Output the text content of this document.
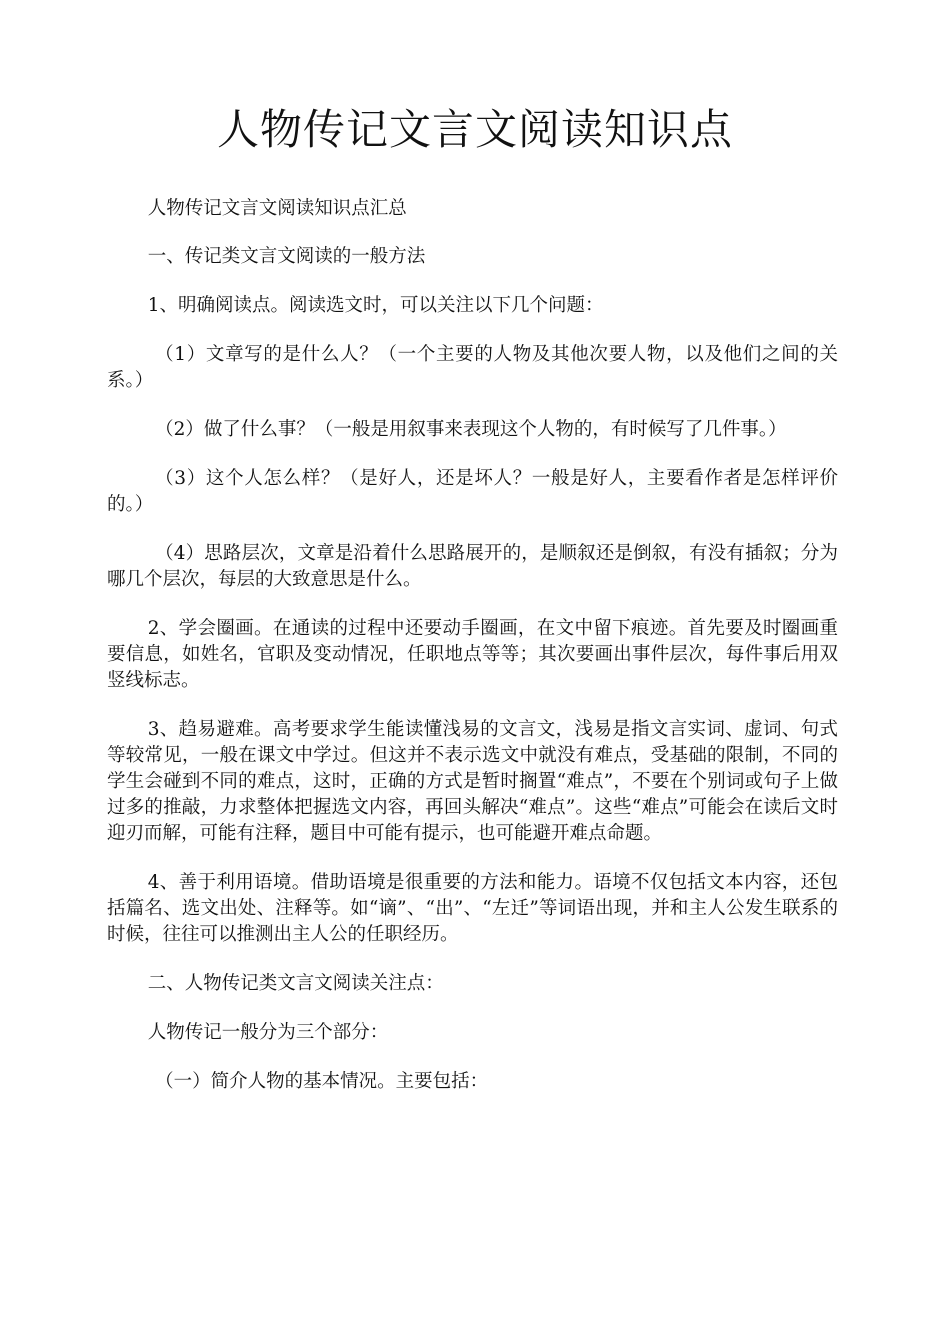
人物传记文言文阅读知识点

人物传记文言文阅读知识点汇总

一、传记类文言文阅读的一般方法

1、明确阅读点。阅读选文时，可以关注以下几个问题：

（1）文章写的是什么人？（一个主要的人物及其他次要人物，以及他们之间的关系。）

（2）做了什么事？（一般是用叙事来表现这个人物的，有时候写了几件事。）

（3）这个人怎么样？（是好人，还是坏人？一般是好人，主要看作者是怎样评价的。）

（4）思路层次，文章是沿着什么思路展开的，是顺叙还是倒叙，有没有插叙；分为哪几个层次，每层的大致意思是什么。

2、学会圈画。在通读的过程中还要动手圈画，在文中留下痕迹。首先要及时圈画重要信息，如姓名，官职及变动情况，任职地点等等；其次要画出事件层次，每件事后用双竖线标志。

3、趋易避难。高考要求学生能读懂浅易的文言文，浅易是指文言实词、虚词、句式等较常见，一般在课文中学过。但这并不表示选文中就没有难点，受基础的限制，不同的学生会碰到不同的难点，这时，正确的方式是暂时搁置“难点”，不要在个别词或句子上做过多的推敲，力求整体把握选文内容，再回头解决“难点”。这些“难点”可能会在读后文时迎刃而解，可能有注释，题目中可能有提示，也可能避开难点命题。

4、善于利用语境。借助语境是很重要的方法和能力。语境不仅包括文本内容，还包括篇名、选文出处、注释等。如“谪”、“出”、“左迁”等词语出现，并和主人公发生联系的时候，往往可以推测出主人公的任职经历。

二、人物传记类文言文阅读关注点：

人物传记一般分为三个部分：

（一）简介人物的基本情况。主要包括：
